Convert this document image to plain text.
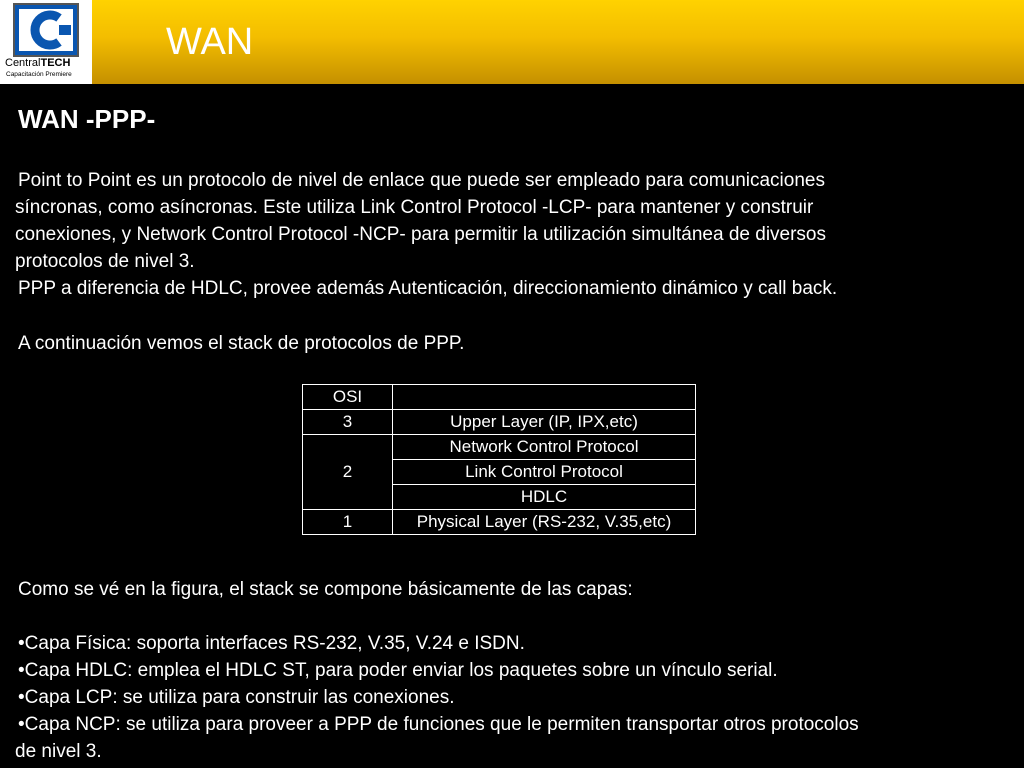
CentralTECH
Capacitación Premiere
WAN
WAN -PPP-
Point to Point es un protocolo de nivel de enlace que puede ser empleado para comunicaciones
síncronas, como asíncronas. Este utiliza Link Control Protocol -LCP- para mantener y construir
conexiones, y Network Control Protocol -NCP- para permitir la utilización simultánea de diversos
protocolos de nivel 3.
PPP a diferencia de HDLC, provee además Autenticación, direccionamiento dinámico y call back.
A continuación vemos el stack de protocolos de PPP.
OSI	
3	Upper Layer (IP, IPX,etc)
2	Network Control Protocol
	Link Control Protocol
	HDLC
1	Physical Layer (RS-232, V.35,etc)
Como se vé en la figura, el stack se compone básicamente de las capas:
•Capa Física: soporta interfaces RS-232, V.35, V.24 e ISDN.
•Capa HDLC: emplea el HDLC ST, para poder enviar los paquetes sobre un vínculo serial.
•Capa LCP: se utiliza para construir las conexiones.
•Capa NCP: se utiliza para proveer a PPP de funciones que le permiten transportar otros protocolos
de nivel 3.
